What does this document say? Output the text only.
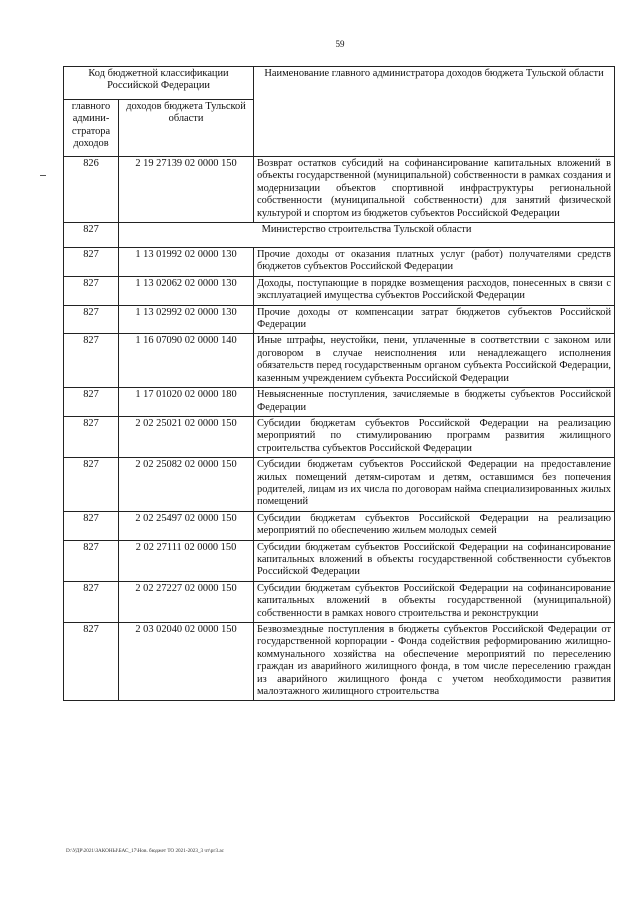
59
Код бюджетной классификации Российской Федерации		Наименование главного администратора доходов бюджета Тульской области
главного админи-стратора доходов	доходов бюджета Тульской области	
826	2 19 27139 02 0000 150	Возврат остатков субсидий на софинансирование капитальных вложений в объекты государственной (муниципальной) собственности в рамках создания и модернизации объектов спортивной инфраструктуры региональной собственности (муниципальной собственности) для занятий физической культурой и спортом из бюджетов субъектов Российской Федерации
827	Министерство строительства Тульской области	
827	1 13 01992 02 0000 130	Прочие доходы от оказания платных услуг (работ) получателями средств бюджетов субъектов Российской Федерации
827	1 13 02062 02 0000 130	Доходы, поступающие в порядке возмещения расходов, понесенных в связи с эксплуатацией имущества субъектов Российской Федерации
827	1 13 02992 02 0000 130	Прочие доходы от компенсации затрат бюджетов субъектов Российской Федерации
827	1 16 07090 02 0000 140	Иные штрафы, неустойки, пени, уплаченные в соответствии с законом или договором в случае неисполнения или ненадлежащего исполнения обязательств перед государственным органом субъекта Российской Федерации, казенным учреждением субъекта Российской Федерации
827	1 17 01020 02 0000 180	Невыясненные поступления, зачисляемые в бюджеты субъектов Российской Федерации
827	2 02 25021 02 0000 150	Субсидии бюджетам субъектов Российской Федерации на реализацию мероприятий по стимулированию программ развития жилищного строительства субъектов Российской Федерации
827	2 02 25082 02 0000 150	Субсидии бюджетам субъектов Российской Федерации на предоставление жилых помещений детям-сиротам и детям, оставшимся без попечения родителей, лицам из их числа по договорам найма специализированных жилых помещений
827	2 02 25497 02 0000 150	Субсидии бюджетам субъектов Российской Федерации на реализацию мероприятий по обеспечению жильем молодых семей
827	2 02 27111 02 0000 150	Субсидии бюджетам субъектов Российской Федерации на софинансирование капитальных вложений в объекты государственной собственности субъектов Российской Федерации
827	2 02 27227 02 0000 150	Субсидии бюджетам субъектов Российской Федерации на софинансирование капитальных вложений в объекты государственной (муниципальной) собственности в рамках нового строительства и реконструкции
827	2 03 02040 02 0000 150	Безвозмездные поступления в бюджеты субъектов Российской Федерации от государственной корпорации - Фонда содействия реформированию жилищно-коммунального хозяйства на обеспечение мероприятий по переселению граждан из аварийного жилищного фонда, в том числе переселению граждан из аварийного жилищного фонда с учетом необходимости развития малоэтажного жилищного строительства
D:\УДР\2021\ЗАКОНЫ\БАС_17\Нов. бюджет ТО 2021-2023_3 чт\рг3.ас
